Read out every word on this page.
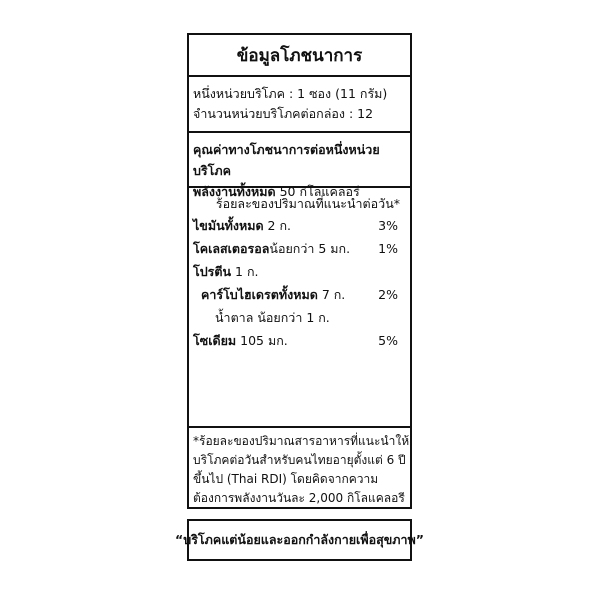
ข้อมูลโภชนาการ
หนึ่งหน่วยบริโภค : 1 ซอง (11 กรัม)
จำนวนหน่วยบริโภคต่อกล่อง : 12
คุณค่าทางโภชนาการต่อหนึ่งหน่วยบริโภค
พลังงานทั้งหมด 50 กิโลแคลอรี
ร้อยละของปริมาณที่แนะนำต่อวัน*
ไขมันทั้งหมด 2 ก.	3%
โคเลสเตอรอลน้อยกว่า 5 มก. 1%
โปรตีน 1 ก.
คาร์โบไฮเดรตทั้งหมด 7 ก.	2%
น้ำตาล น้อยกว่า 1 ก.
โซเดียม 105 มก.	5%
*ร้อยละของปริมาณสารอาหารที่แนะนำให้
บริโภคต่อวันสำหรับคนไทยอายุตั้งแต่ 6 ปี
ขึ้นไป (Thai RDI) โดยคิดจากความ
ต้องการพลังงานวันละ 2,000 กิโลแคลอรี
“บริโภคแต่น้อยและออกกำลังกายเพื่อสุขภาพ”
